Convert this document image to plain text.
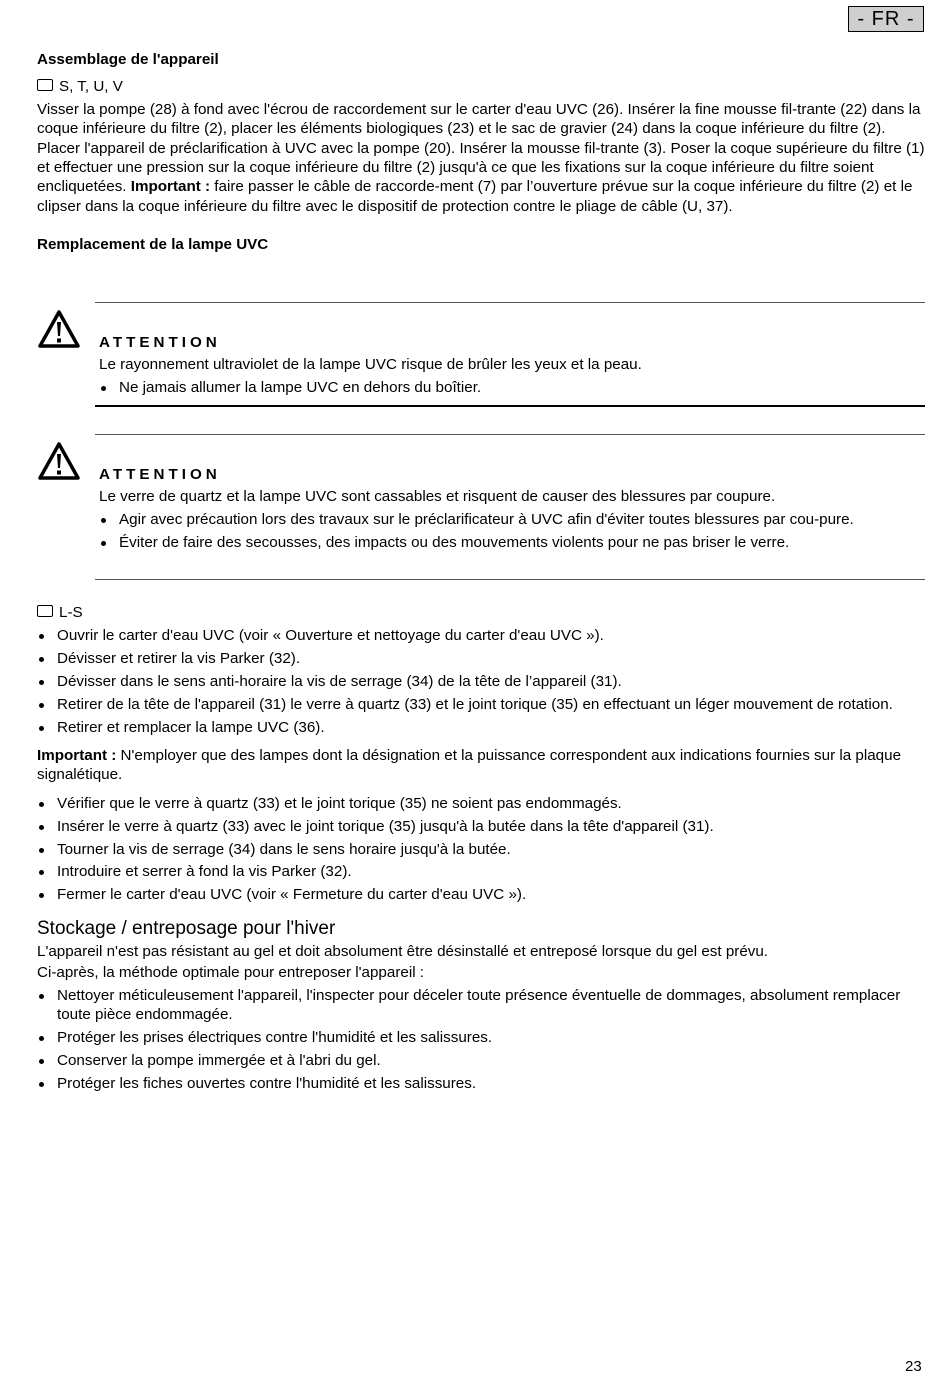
- FR -

Assemblage de l'appareil

S, T, U, V

Visser la pompe (28) à fond avec l'écrou de raccordement sur le carter d'eau UVC (26). Insérer la fine mousse fil-trante (22) dans la coque inférieure du filtre (2), placer les éléments biologiques (23) et le sac de gravier (24) dans la coque inférieure du filtre (2). Placer l'appareil de préclarification à UVC avec la pompe (20). Insérer la mousse fil-trante (3). Poser la coque supérieure du filtre (1) et effectuer une pression sur la coque inférieure du filtre (2) jusqu'à ce que les fixations sur la coque inférieure du filtre soient encliquetées. Important : faire passer le câble de raccorde-ment (7) par l’ouverture prévue sur la coque inférieure du filtre (2) et le clipser dans la coque inférieure du filtre avec le dispositif de protection contre le pliage de câble (U, 37).

Remplacement de la lampe UVC

ATTENTION
Le rayonnement ultraviolet de la lampe UVC risque de brûler les yeux et la peau.
Ne jamais allumer la lampe UVC en dehors du boîtier.
ATTENTION
Le verre de quartz et la lampe UVC sont cassables et risquent de causer des blessures par coupure.
Agir avec précaution lors des travaux sur le préclarificateur à UVC afin d'éviter toutes blessures par cou-pure.
Éviter de faire des secousses, des impacts ou des mouvements violents pour ne pas briser le verre.
L-S
Ouvrir le carter d'eau UVC (voir « Ouverture et nettoyage du carter d'eau UVC »).
Dévisser et retirer la vis Parker (32).
Dévisser dans le sens anti-horaire la vis de serrage (34) de la tête de l’appareil (31).
Retirer de la tête de l'appareil (31) le verre à quartz (33) et le joint torique (35) en effectuant un léger mouvement de rotation.
Retirer et remplacer la lampe UVC (36).

Important : N'employer que des lampes dont la désignation et la puissance correspondent aux indications fournies sur la plaque signalétique.

Vérifier que le verre à quartz (33) et le joint torique (35) ne soient pas endommagés.
Insérer le verre à quartz (33) avec le joint torique (35) jusqu'à la butée dans la tête d'appareil (31).
Tourner la vis de serrage (34) dans le sens horaire jusqu'à la butée.
Introduire et serrer à fond la vis Parker (32).
Fermer le carter d'eau UVC (voir « Fermeture du carter d'eau UVC »).

Stockage / entreposage pour l'hiver

L'appareil n'est pas résistant au gel et doit absolument être désinstallé et entreposé lorsque du gel est prévu.

Ci-après, la méthode optimale pour entreposer l'appareil :

Nettoyer méticuleusement l'appareil, l'inspecter pour déceler toute présence éventuelle de dommages, absolument remplacer toute pièce endommagée.
Protéger les prises électriques contre l'humidité et les salissures.
Conserver la pompe immergée et à l'abri du gel.
Protéger les fiches ouvertes contre l'humidité et les salissures.
23
